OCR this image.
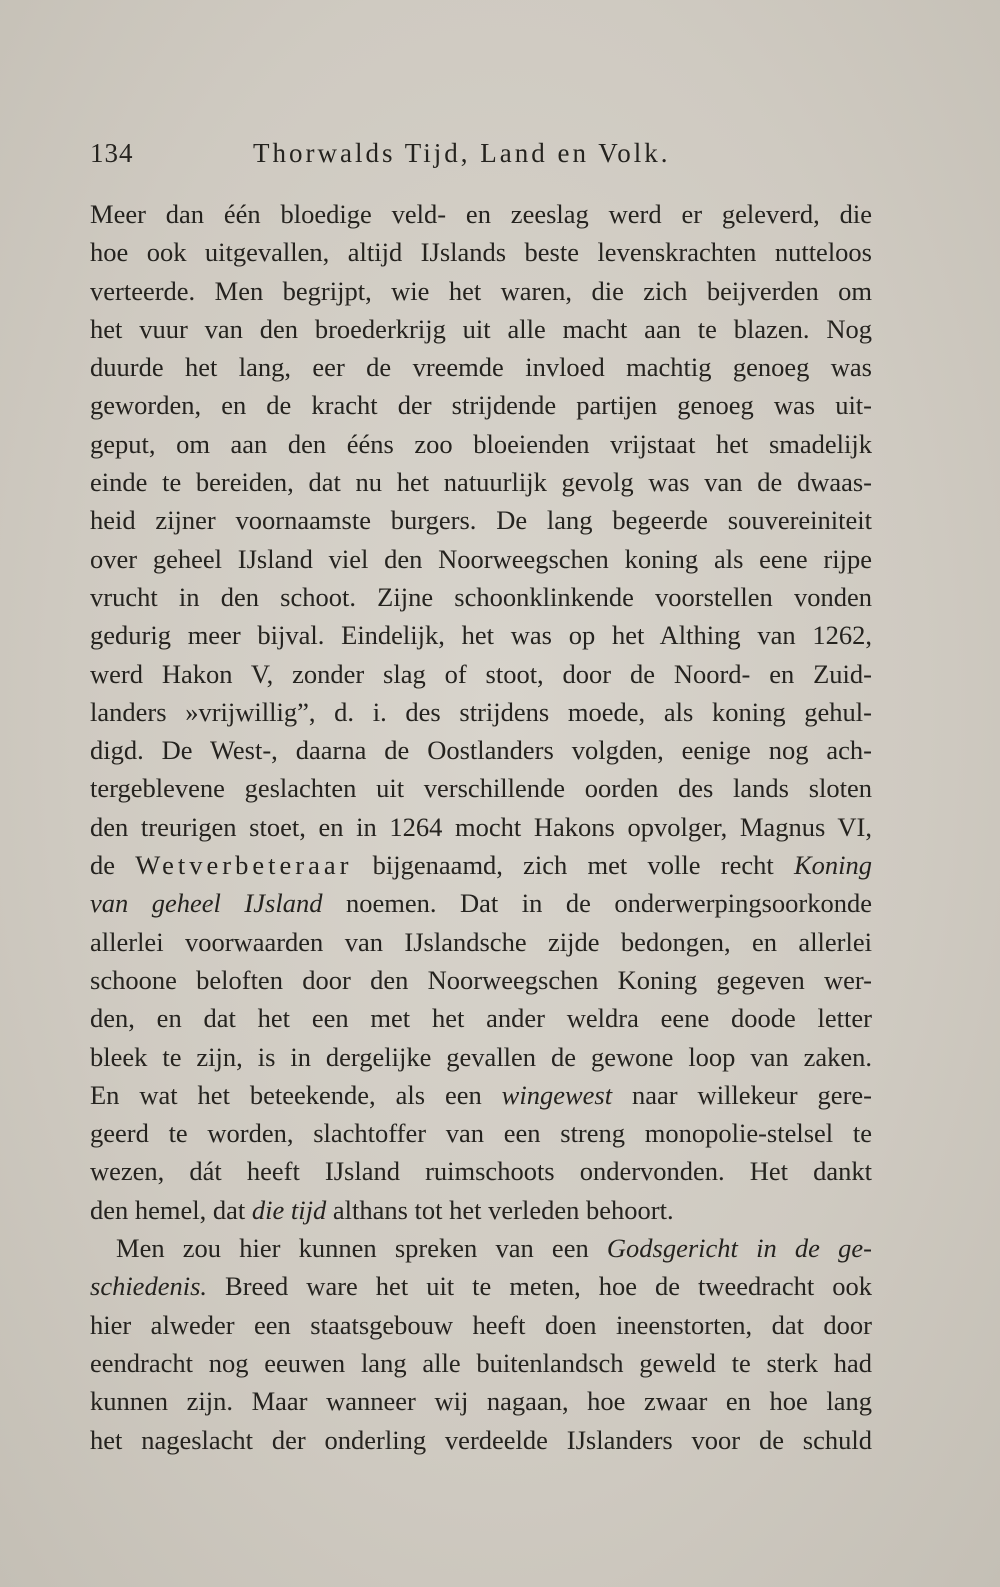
134	Thorwalds Tijd, Land en Volk.
Meer dan één bloedige veld- en zeeslag werd er geleverd, die
hoe ook uitgevallen, altijd IJslands beste levenskrachten nutteloos
verteerde. Men begrijpt, wie het waren, die zich beijverden om
het vuur van den broederkrijg uit alle macht aan te blazen. Nog
duurde het lang, eer de vreemde invloed machtig genoeg was
geworden, en de kracht der strijdende partijen genoeg was uit-
geput, om aan den ééns zoo bloeienden vrijstaat het smadelijk
einde te bereiden, dat nu het natuurlijk gevolg was van de dwaas-
heid zijner voornaamste burgers. De lang begeerde souvereiniteit
over geheel IJsland viel den Noorweegschen koning als eene rijpe
vrucht in den schoot. Zijne schoonklinkende voorstellen vonden
gedurig meer bijval. Eindelijk, het was op het Althing van 1262,
werd Hakon V, zonder slag of stoot, door de Noord- en Zuid-
landers »vrijwillig”, d. i. des strijdens moede, als koning gehul-
digd. De West-, daarna de Oostlanders volgden, eenige nog ach-
tergeblevene geslachten uit verschillende oorden des lands sloten
den treurigen stoet, en in 1264 mocht Hakons opvolger, Magnus VI,
de Wetverbeteraar bijgenaamd, zich met volle recht Koning
van geheel IJsland noemen. Dat in de onderwerpingsoorkonde
allerlei voorwaarden van IJslandsche zijde bedongen, en allerlei
schoone beloften door den Noorweegschen Koning gegeven wer-
den, en dat het een met het ander weldra eene doode letter
bleek te zijn, is in dergelijke gevallen de gewone loop van zaken.
En wat het beteekende, als een wingewest naar willekeur gere-
geerd te worden, slachtoffer van een streng monopolie-stelsel te
wezen, dát heeft IJsland ruimschoots ondervonden. Het dankt
den hemel, dat die tijd althans tot het verleden behoort.
Men zou hier kunnen spreken van een Godsgericht in de ge-
schiedenis. Breed ware het uit te meten, hoe de tweedracht ook
hier alweder een staatsgebouw heeft doen ineenstorten, dat door
eendracht nog eeuwen lang alle buitenlandsch geweld te sterk had
kunnen zijn. Maar wanneer wij nagaan, hoe zwaar en hoe lang
het nageslacht der onderling verdeelde IJslanders voor de schuld
